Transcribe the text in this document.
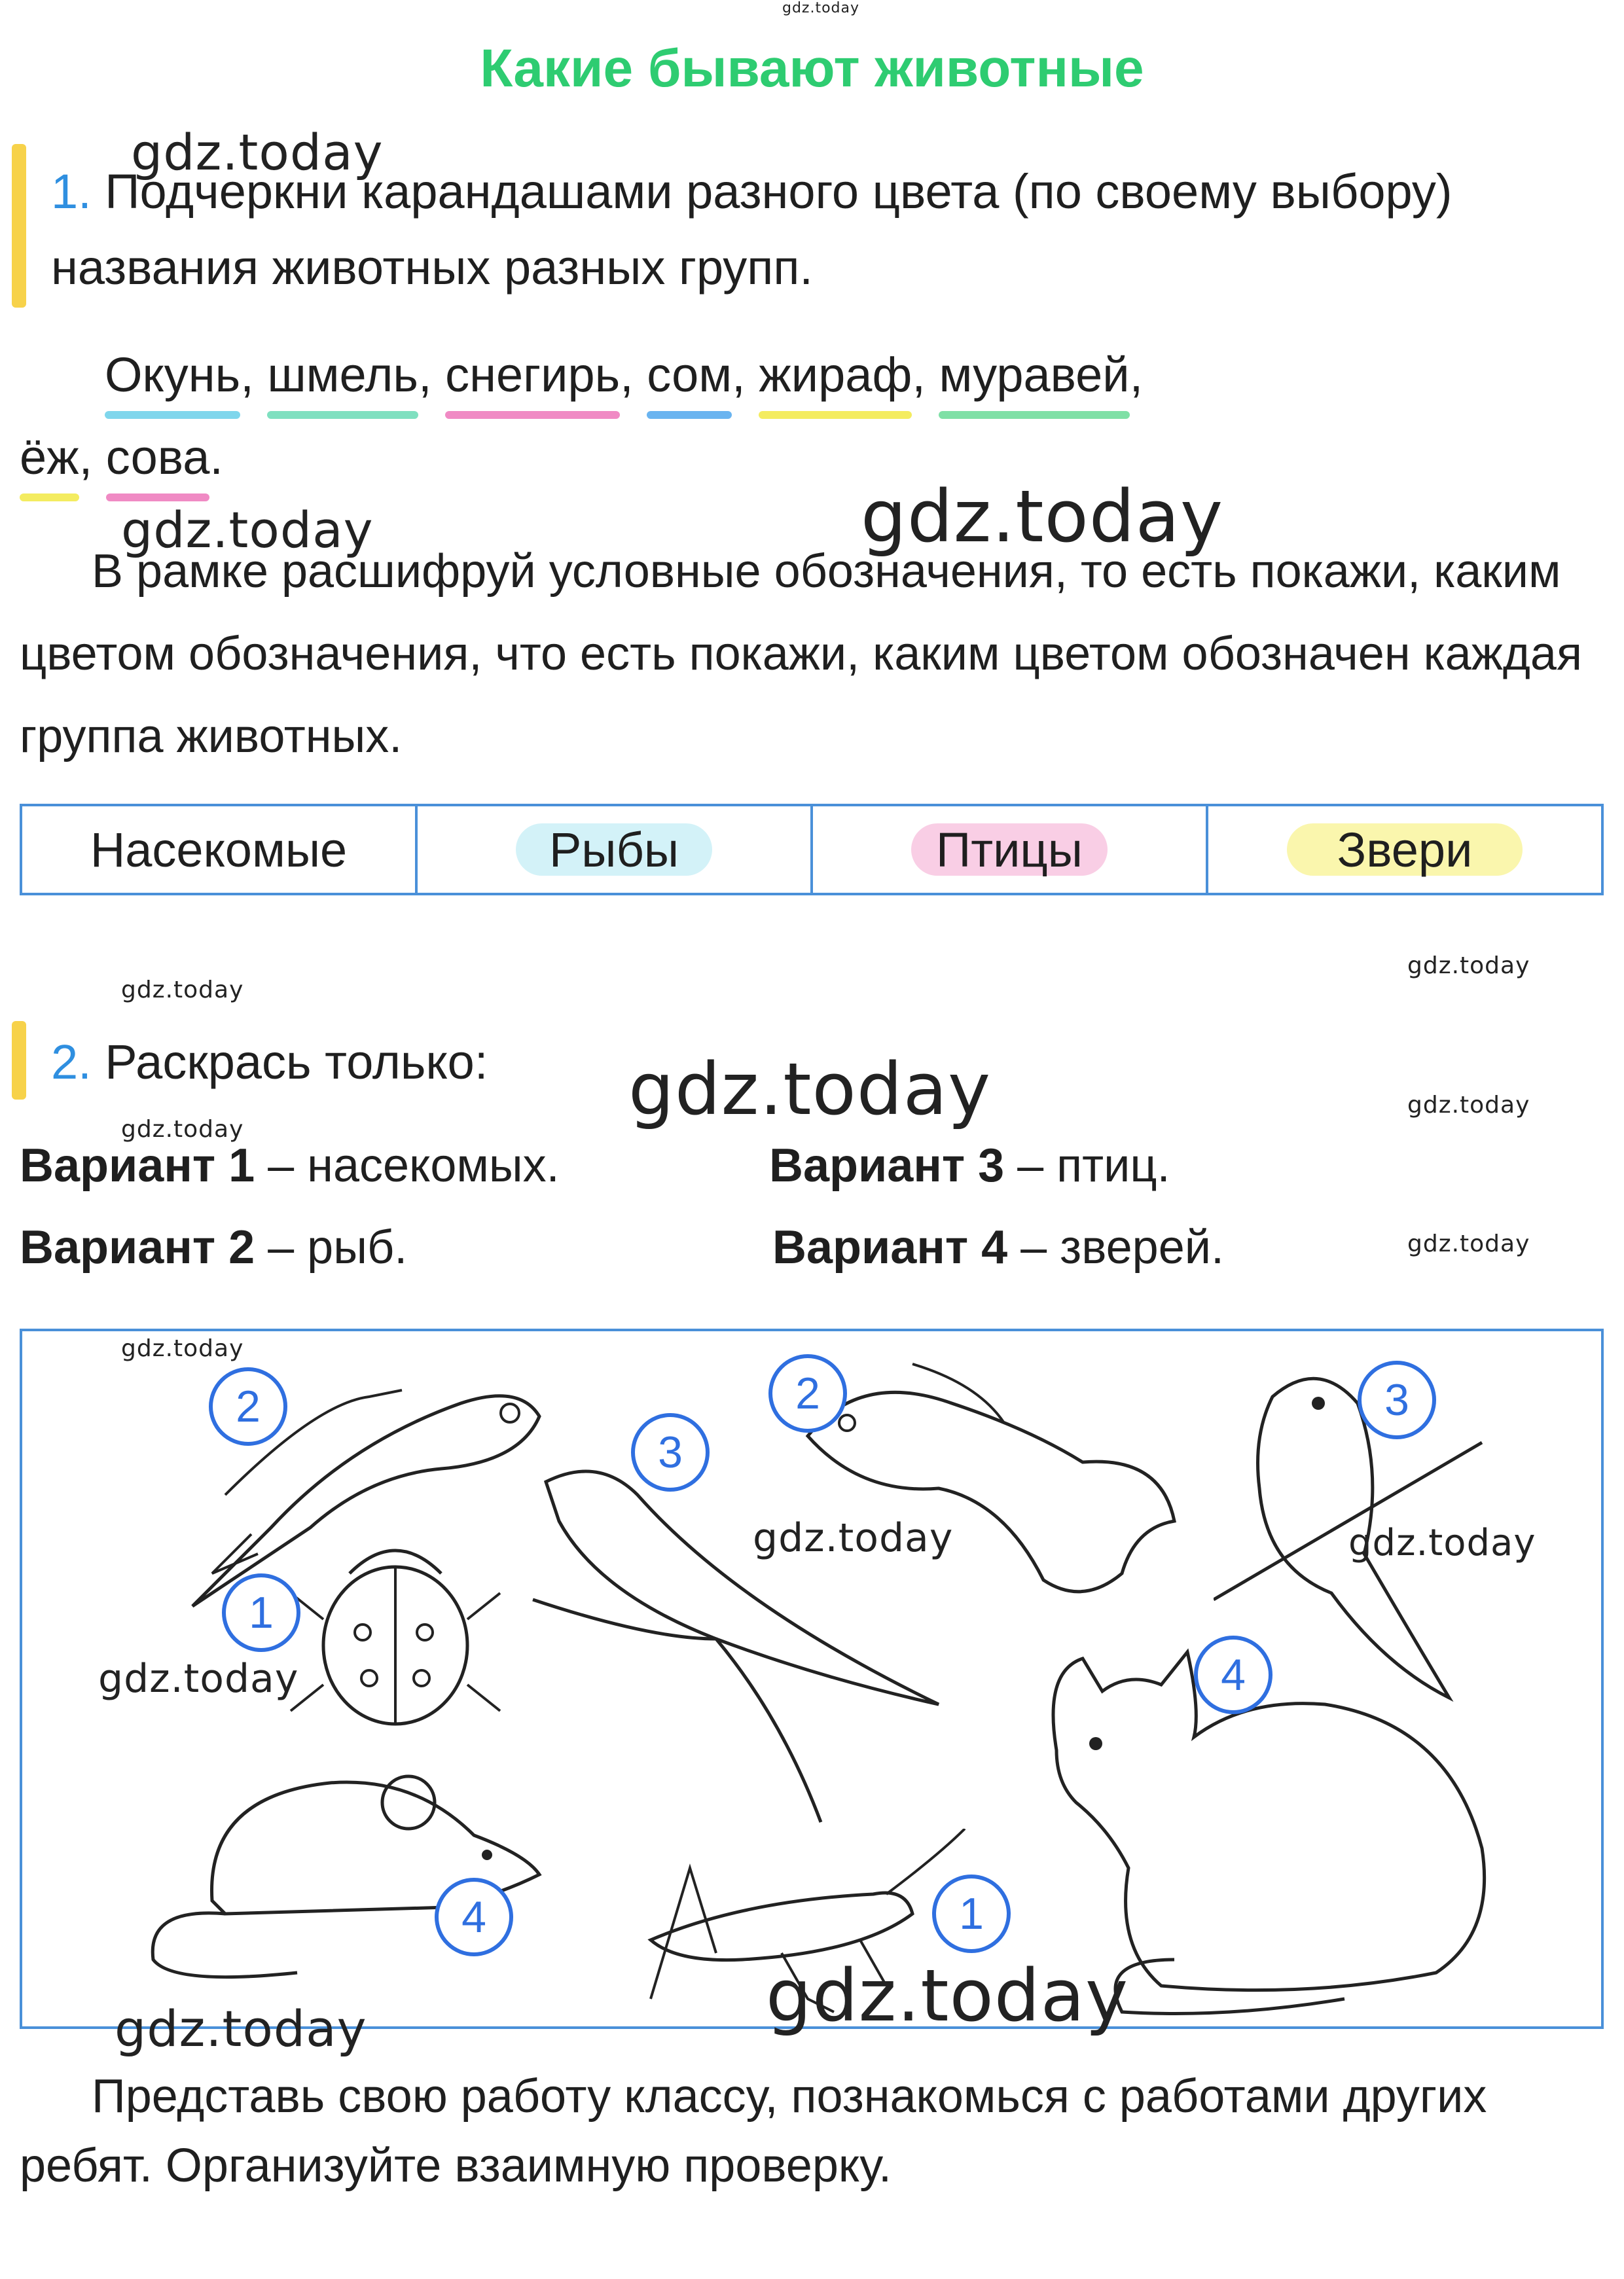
gdz.today
Какие бывают животные
gdz.today
1. Подчеркни карандашами разного цвета (по своему выбору) названия животных разных групп.
Окунь
, шмель
, снегирь
, сом
, жираф
, муравей
,
ёж
, сова
.
gdz.today	gdz.today
В рамке расшифруй условные обозначения, то есть покажи, каким цветом обозначения, что есть покажи, каким цветом обозначен каждая группа животных.
Насекомые	Рыбы	Птицы	Звери
gdz.today
gdz.today
2. Раскрась только:	gdz.today	gdz.today
gdz.today
gdz.today
Вариант 1 – насекомых.
Вариант 2 – рыб.
Вариант 3 – птиц.
Вариант 4 – зверей.
2
1
3
2	3
4
4	1
gdz.today
gdz.today	gdz.today
gdz.today
gdz.today
gdz.today
Представь свою работу классу, познакомься с работами других ребят. Организуйте взаимную проверку.
